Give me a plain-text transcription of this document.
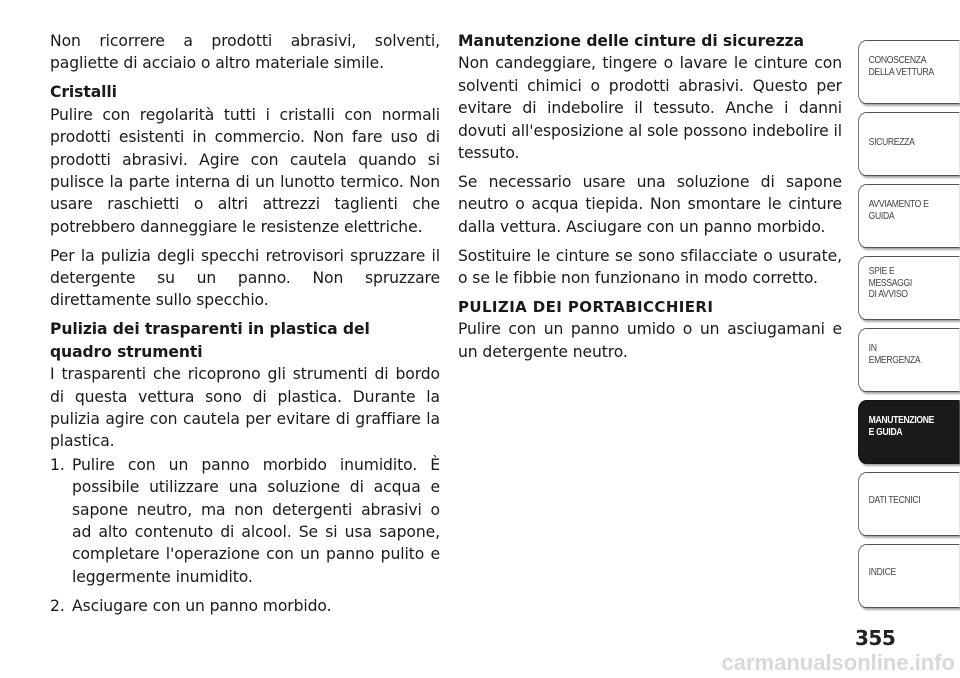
Non ricorrere a prodotti abrasivi, solventi, pagliette di acciaio o altro materiale simile.

Cristalli
Pulire con regolarità tutti i cristalli con normali prodotti esistenti in commercio. Non fare uso di prodotti abrasivi. Agire con cautela quando si pulisce la parte interna di un lunotto termico. Non usare raschietti o altri attrezzi taglienti che potrebbero danneggiare le resistenze elettriche.

Per la pulizia degli specchi retrovisori spruzzare il detergente su un panno. Non spruzzare direttamente sullo specchio.

Pulizia dei trasparenti in plastica del quadro strumenti
I trasparenti che ricoprono gli strumenti di bordo di questa vettura sono di plastica. Durante la pulizia agire con cautela per evitare di graffiare la plastica.
1. Pulire con un panno morbido inumidito. È possibile utilizzare una soluzione di acqua e sapone neutro, ma non detergenti abrasivi o ad alto contenuto di alcool. Se si usa sapone, completare l'operazione con un panno pulito e leggermente inumidito.
2. Asciugare con un panno morbido.
Manutenzione delle cinture di sicurezza
Non candeggiare, tingere o lavare le cinture con solventi chimici o prodotti abrasivi. Questo per evitare di indebolire il tessuto. Anche i danni dovuti all'esposizione al sole possono indebolire il tessuto.

Se necessario usare una soluzione di sapone neutro o acqua tiepida. Non smontare le cinture dalla vettura. Asciugare con un panno morbido.

Sostituire le cinture se sono sfilacciate o usurate, o se le fibbie non funzionano in modo corretto.

PULIZIA DEI PORTABICCHIERI
Pulire con un panno umido o un asciugamani e un detergente neutro.
CONOSCENZA
DELLA VETTURA
SICUREZZA
AVVIAMENTO E
GUIDA
SPIE E
MESSAGGI
DI AVVISO
IN
EMERGENZA
MANUTENZIONE
E GUIDA
DATI TECNICI
INDICE
355
carmanualsonline.info
